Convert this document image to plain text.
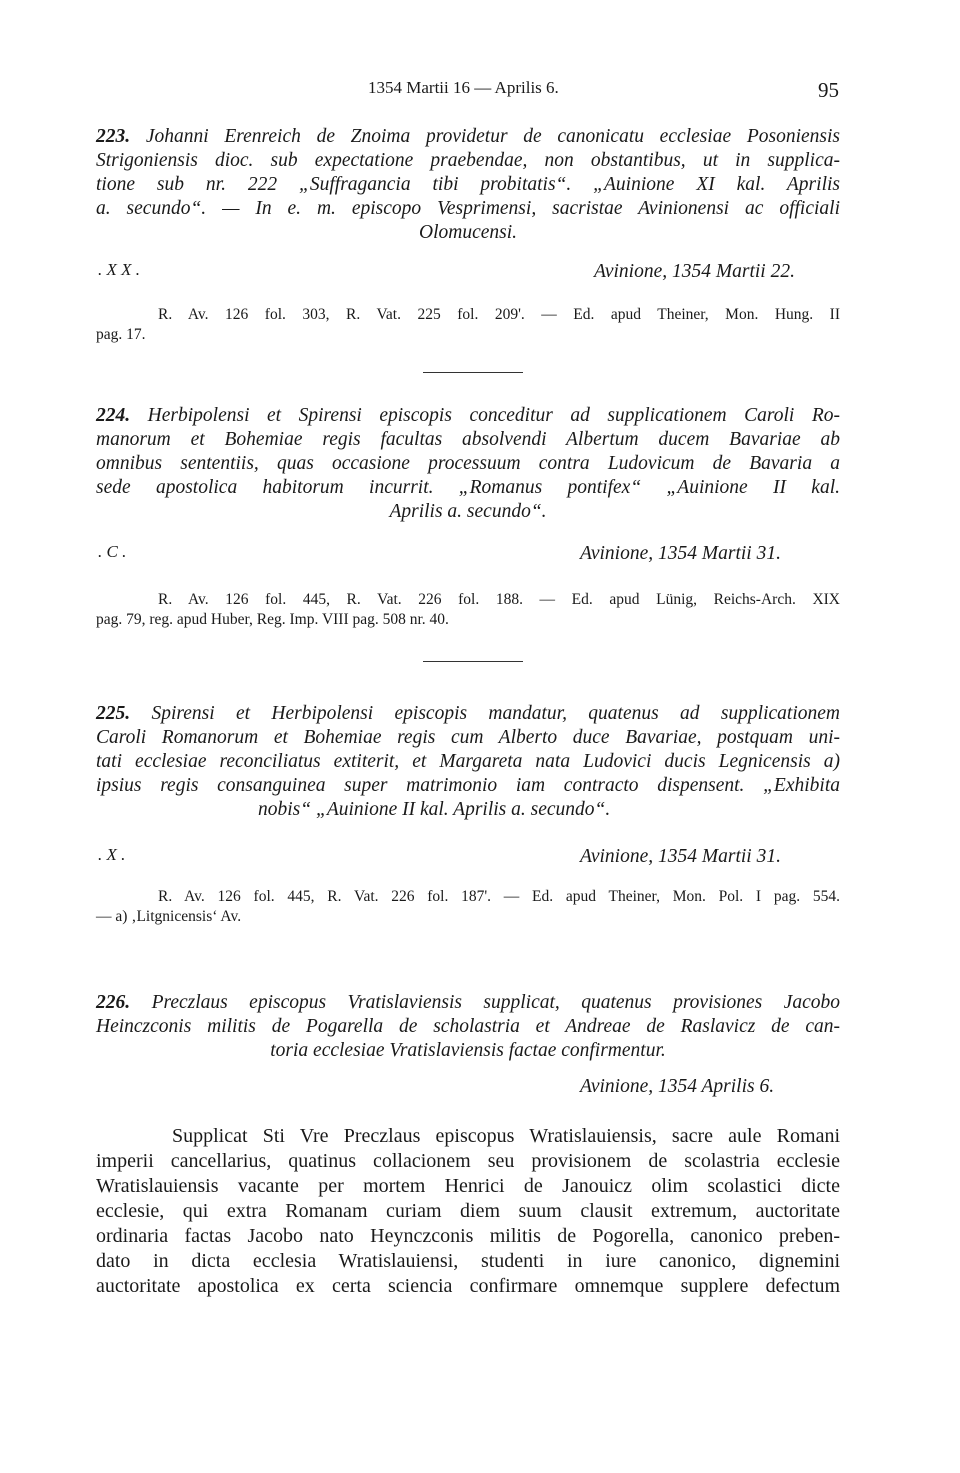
1354 Martii 16 — Aprilis 6.	95
223. Johanni Erenreich de Znoima providetur de canonicatu ecclesiae Posoniensis
Strigoniensis dioc. sub expectatione praebendae, non obstantibus, ut in supplica-
tione sub nr. 222 „Suffragancia tibi probitatis“. „Auinione XI kal. Aprilis
a. secundo“. — In e. m. episcopo Vesprimensi, sacristae Avinionensi ac officiali
Olomucensi.
. X X .	Avinione, 1354 Martii 22.
R. Av. 126 fol. 303, R. Vat. 225 fol. 209'. — Ed. apud Theiner, Mon. Hung. II
pag. 17.
224. Herbipolensi et Spirensi episcopis conceditur ad supplicationem Caroli Ro-
manorum et Bohemiae regis facultas absolvendi Albertum ducem Bavariae ab
omnibus sententiis, quas occasione processuum contra Ludovicum de Bavaria a
sede apostolica habitorum incurrit. „Romanus pontifex“ „Auinione II kal.
Aprilis a. secundo“.
. C .	Avinione, 1354 Martii 31.
R. Av. 126 fol. 445, R. Vat. 226 fol. 188. — Ed. apud Lünig, Reichs-Arch. XIX
pag. 79, reg. apud Huber, Reg. Imp. VIII pag. 508 nr. 40.
225. Spirensi et Herbipolensi episcopis mandatur, quatenus ad supplicationem
Caroli Romanorum et Bohemiae regis cum Alberto duce Bavariae, postquam uni-
tati ecclesiae reconciliatus extiterit, et Margareta nata Ludovici ducis Legnicensis a)
ipsius regis consanguinea super matrimonio iam contracto dispensent. „Exhibita
nobis“ „Auinione II kal. Aprilis a. secundo“.
. X .	Avinione, 1354 Martii 31.
R. Av. 126 fol. 445, R. Vat. 226 fol. 187'. — Ed. apud Theiner, Mon. Pol. I pag. 554.
— a) ‚Litgnicensis‘ Av.
226. Preczlaus episcopus Vratislaviensis supplicat, quatenus provisiones Jacobo
Heinczconis militis de Pogarella de scholastria et Andreae de Raslavicz de can-
toria ecclesiae Vratislaviensis factae confirmentur.
Avinione, 1354 Aprilis 6.
Supplicat Sti Vre Preczlaus episcopus Wratislauiensis, sacre aule Romani
imperii cancellarius, quatinus collacionem seu provisionem de scolastria ecclesie
Wratislauiensis vacante per mortem Henrici de Janouicz olim scolastici dicte
ecclesie, qui extra Romanam curiam diem suum clausit extremum, auctoritate
ordinaria factas Jacobo nato Heynczconis militis de Pogorella, canonico preben-
dato in dicta ecclesia Wratislauiensi, studenti in iure canonico, dignemini
auctoritate apostolica ex certa sciencia confirmare omnemque supplere defectum
